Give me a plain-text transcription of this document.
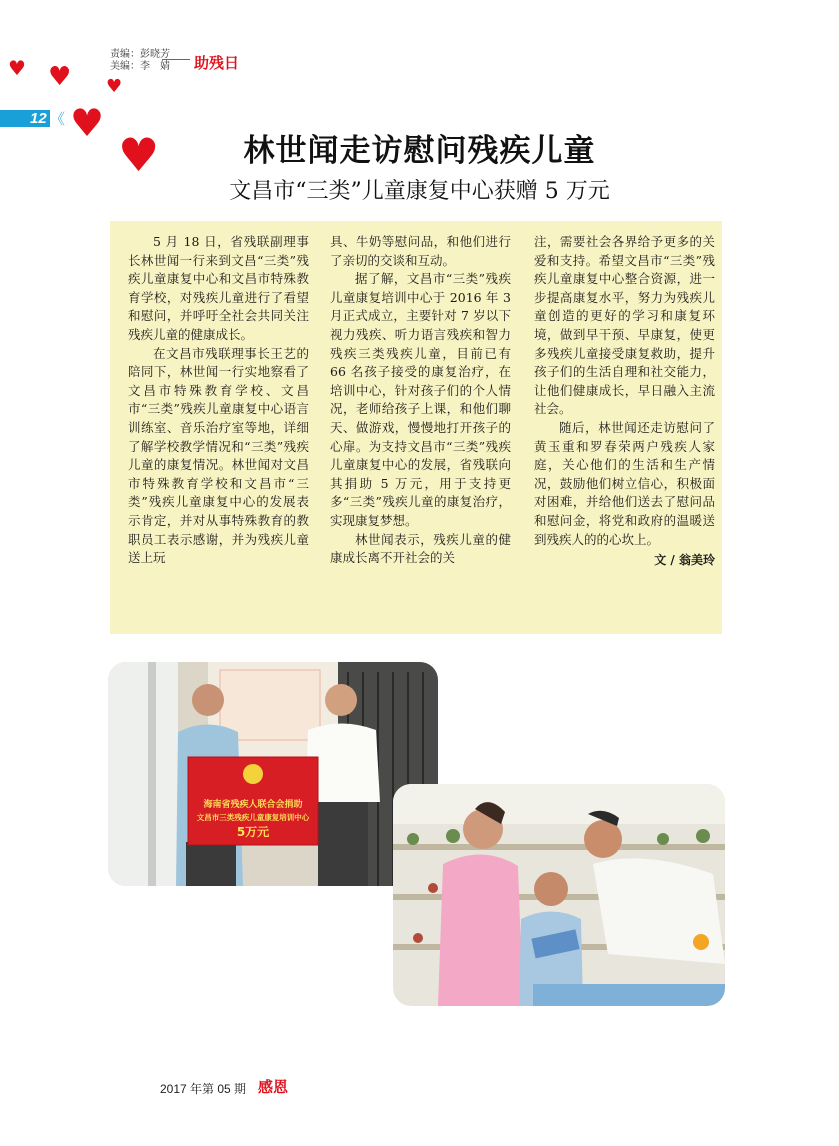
♥ ♥ ♥
♥
♥
责编：彭晓芳
美编：李　婧 助残日
12 《
林世闻走访慰问残疾儿童
文昌市“三类”儿童康复中心获赠 5 万元

5 月 18 日，省残联副理事长林世闻一行来到文昌“三类”残疾儿童康复中心和文昌市特殊教育学校，对残疾儿童进行了看望和慰问，并呼吁全社会共同关注残疾儿童的健康成长。

在文昌市残联理事长王艺的陪同下，林世闻一行实地察看了文昌市特殊教育学校、文昌市“三类”残疾儿童康复中心语言训练室、音乐治疗室等地，详细了解学校教学情况和“三类”残疾儿童的康复情况。林世闻对文昌市特殊教育学校和文昌市“三类”残疾儿童康复中心的发展表示肯定，并对从事特殊教育的教职员工表示感谢，并为残疾儿童送上玩

具、牛奶等慰问品，和他们进行了亲切的交谈和互动。

据了解，文昌市“三类”残疾儿童康复培训中心于 2016 年 3 月正式成立，主要针对 7 岁以下视力残疾、听力语言残疾和智力残疾三类残疾儿童，目前已有 66 名孩子接受的康复治疗，在培训中心，针对孩子们的个人情况，老师给孩子上课，和他们聊天、做游戏，慢慢地打开孩子的心扉。为支持文昌市“三类”残疾儿童康复中心的发展，省残联向其捐助 5 万元，用于支持更多“三类”残疾儿童的康复治疗，实现康复梦想。

林世闻表示，残疾儿童的健康成长离不开社会的关

注，需要社会各界给予更多的关爱和支持。希望文昌市“三类”残疾儿童康复中心整合资源，进一步提高康复水平，努力为残疾儿童创造的更好的学习和康复环境，做到早干预、早康复，使更多残疾儿童接受康复救助，提升孩子们的生活自理和社交能力，让他们健康成长，早日融入主流社会。

随后，林世闻还走访慰问了黄玉重和罗春荣两户残疾人家庭，关心他们的生活和生产情况，鼓励他们树立信心，积极面对困难，并给他们送去了慰问品和慰问金，将党和政府的温暖送到残疾人的的心坎上。

文 / 翁美玲
海南省残疾人联合会捐助
文昌市三类残疾儿童康复培训中心
5万元
2017 年第 05 期 感恩
